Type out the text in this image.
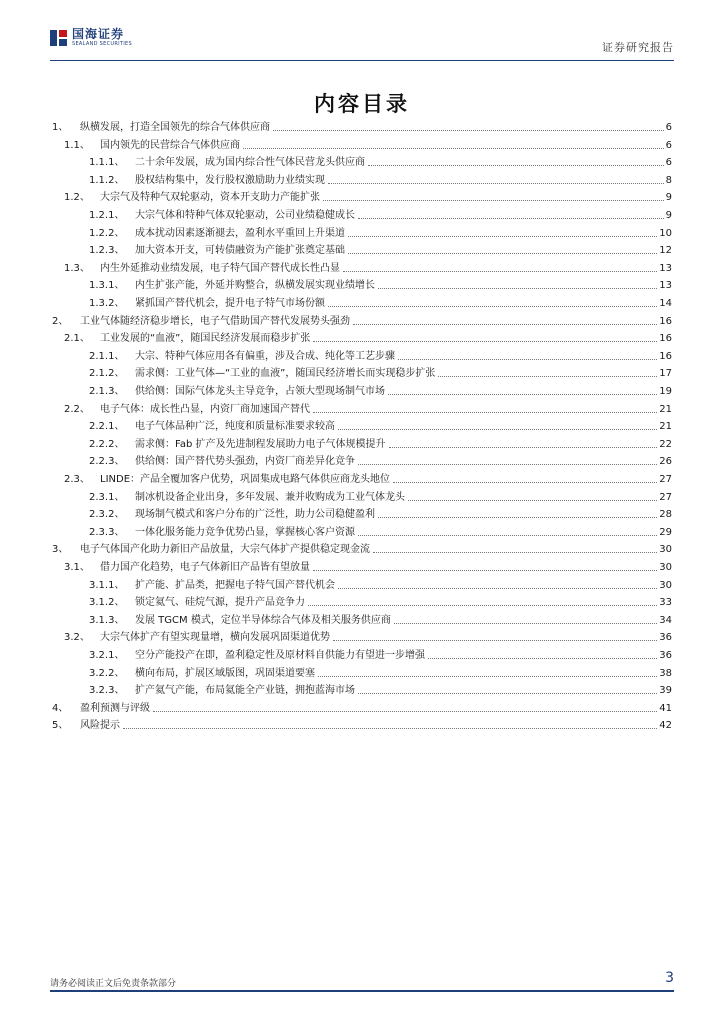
国海证券
SEALAND SECURITIES	证券研究报告
内容目录
1、	纵横发展，打造全国领先的综合气体供应商	6
1.1、	国内领先的民营综合气体供应商	6
1.1.1、	二十余年发展，成为国内综合性气体民营龙头供应商	6
1.1.2、	股权结构集中，发行股权激励助力业绩实现	8
1.2、	大宗气及特种气双轮驱动，资本开支助力产能扩张	9
1.2.1、	大宗气体和特种气体双轮驱动，公司业绩稳健成长	9
1.2.2、	成本扰动因素逐渐褪去，盈利水平重回上升渠道	10
1.2.3、	加大资本开支，可转债融资为产能扩张奠定基础	12
1.3、	内生外延推动业绩发展，电子特气国产替代成长性凸显	13
1.3.1、	内生扩张产能，外延并购整合，纵横发展实现业绩增长	13
1.3.2、	紧抓国产替代机会，提升电子特气市场份额	14
2、	工业气体随经济稳步增长，电子气借助国产替代发展势头强劲	16
2.1、	工业发展的“血液”，随国民经济发展而稳步扩张	16
2.1.1、	大宗、特种气体应用各有偏重，涉及合成、纯化等工艺步骤	16
2.1.2、	需求侧：工业气体—“工业的血液”，随国民经济增长而实现稳步扩张	17
2.1.3、	供给侧：国际气体龙头主导竞争，占领大型现场制气市场	19
2.2、	电子气体：成长性凸显，内资厂商加速国产替代	21
2.2.1、	电子气体品种广泛，纯度和质量标准要求较高	21
2.2.2、	需求侧：Fab 扩产及先进制程发展助力电子气体规模提升	22
2.2.3、	供给侧：国产替代势头强劲，内资厂商差异化竞争	26
2.3、	LINDE：产品全覆加客户优势，巩固集成电路气体供应商龙头地位	27
2.3.1、	制冰机设备企业出身，多年发展、兼并收购成为工业气体龙头	27
2.3.2、	现场制气模式和客户分布的广泛性，助力公司稳健盈利	28
2.3.3、	一体化服务能力竞争优势凸显，掌握核心客户资源	29
3、	电子气体国产化助力新旧产品放量，大宗气体扩产提供稳定现金流	30
3.1、	借力国产化趋势，电子气体新旧产品皆有望放量	30
3.1.1、	扩产能、扩品类，把握电子特气国产替代机会	30
3.1.2、	锁定氦气、硅烷气源，提升产品竞争力	33
3.1.3、	发展 TGCM 模式，定位半导体综合气体及相关服务供应商	34
3.2、	大宗气体扩产有望实现量增，横向发展巩固渠道优势	36
3.2.1、	空分产能投产在即，盈利稳定性及原材料自供能力有望进一步增强	36
3.2.2、	横向布局，扩展区域版图，巩固渠道要塞	38
3.2.3、	扩产氦气产能，布局氦能全产业链，拥抱蓝海市场	39
4、	盈利预测与评级	41
5、	风险提示	42
请务必阅读正文后免责条款部分	3
